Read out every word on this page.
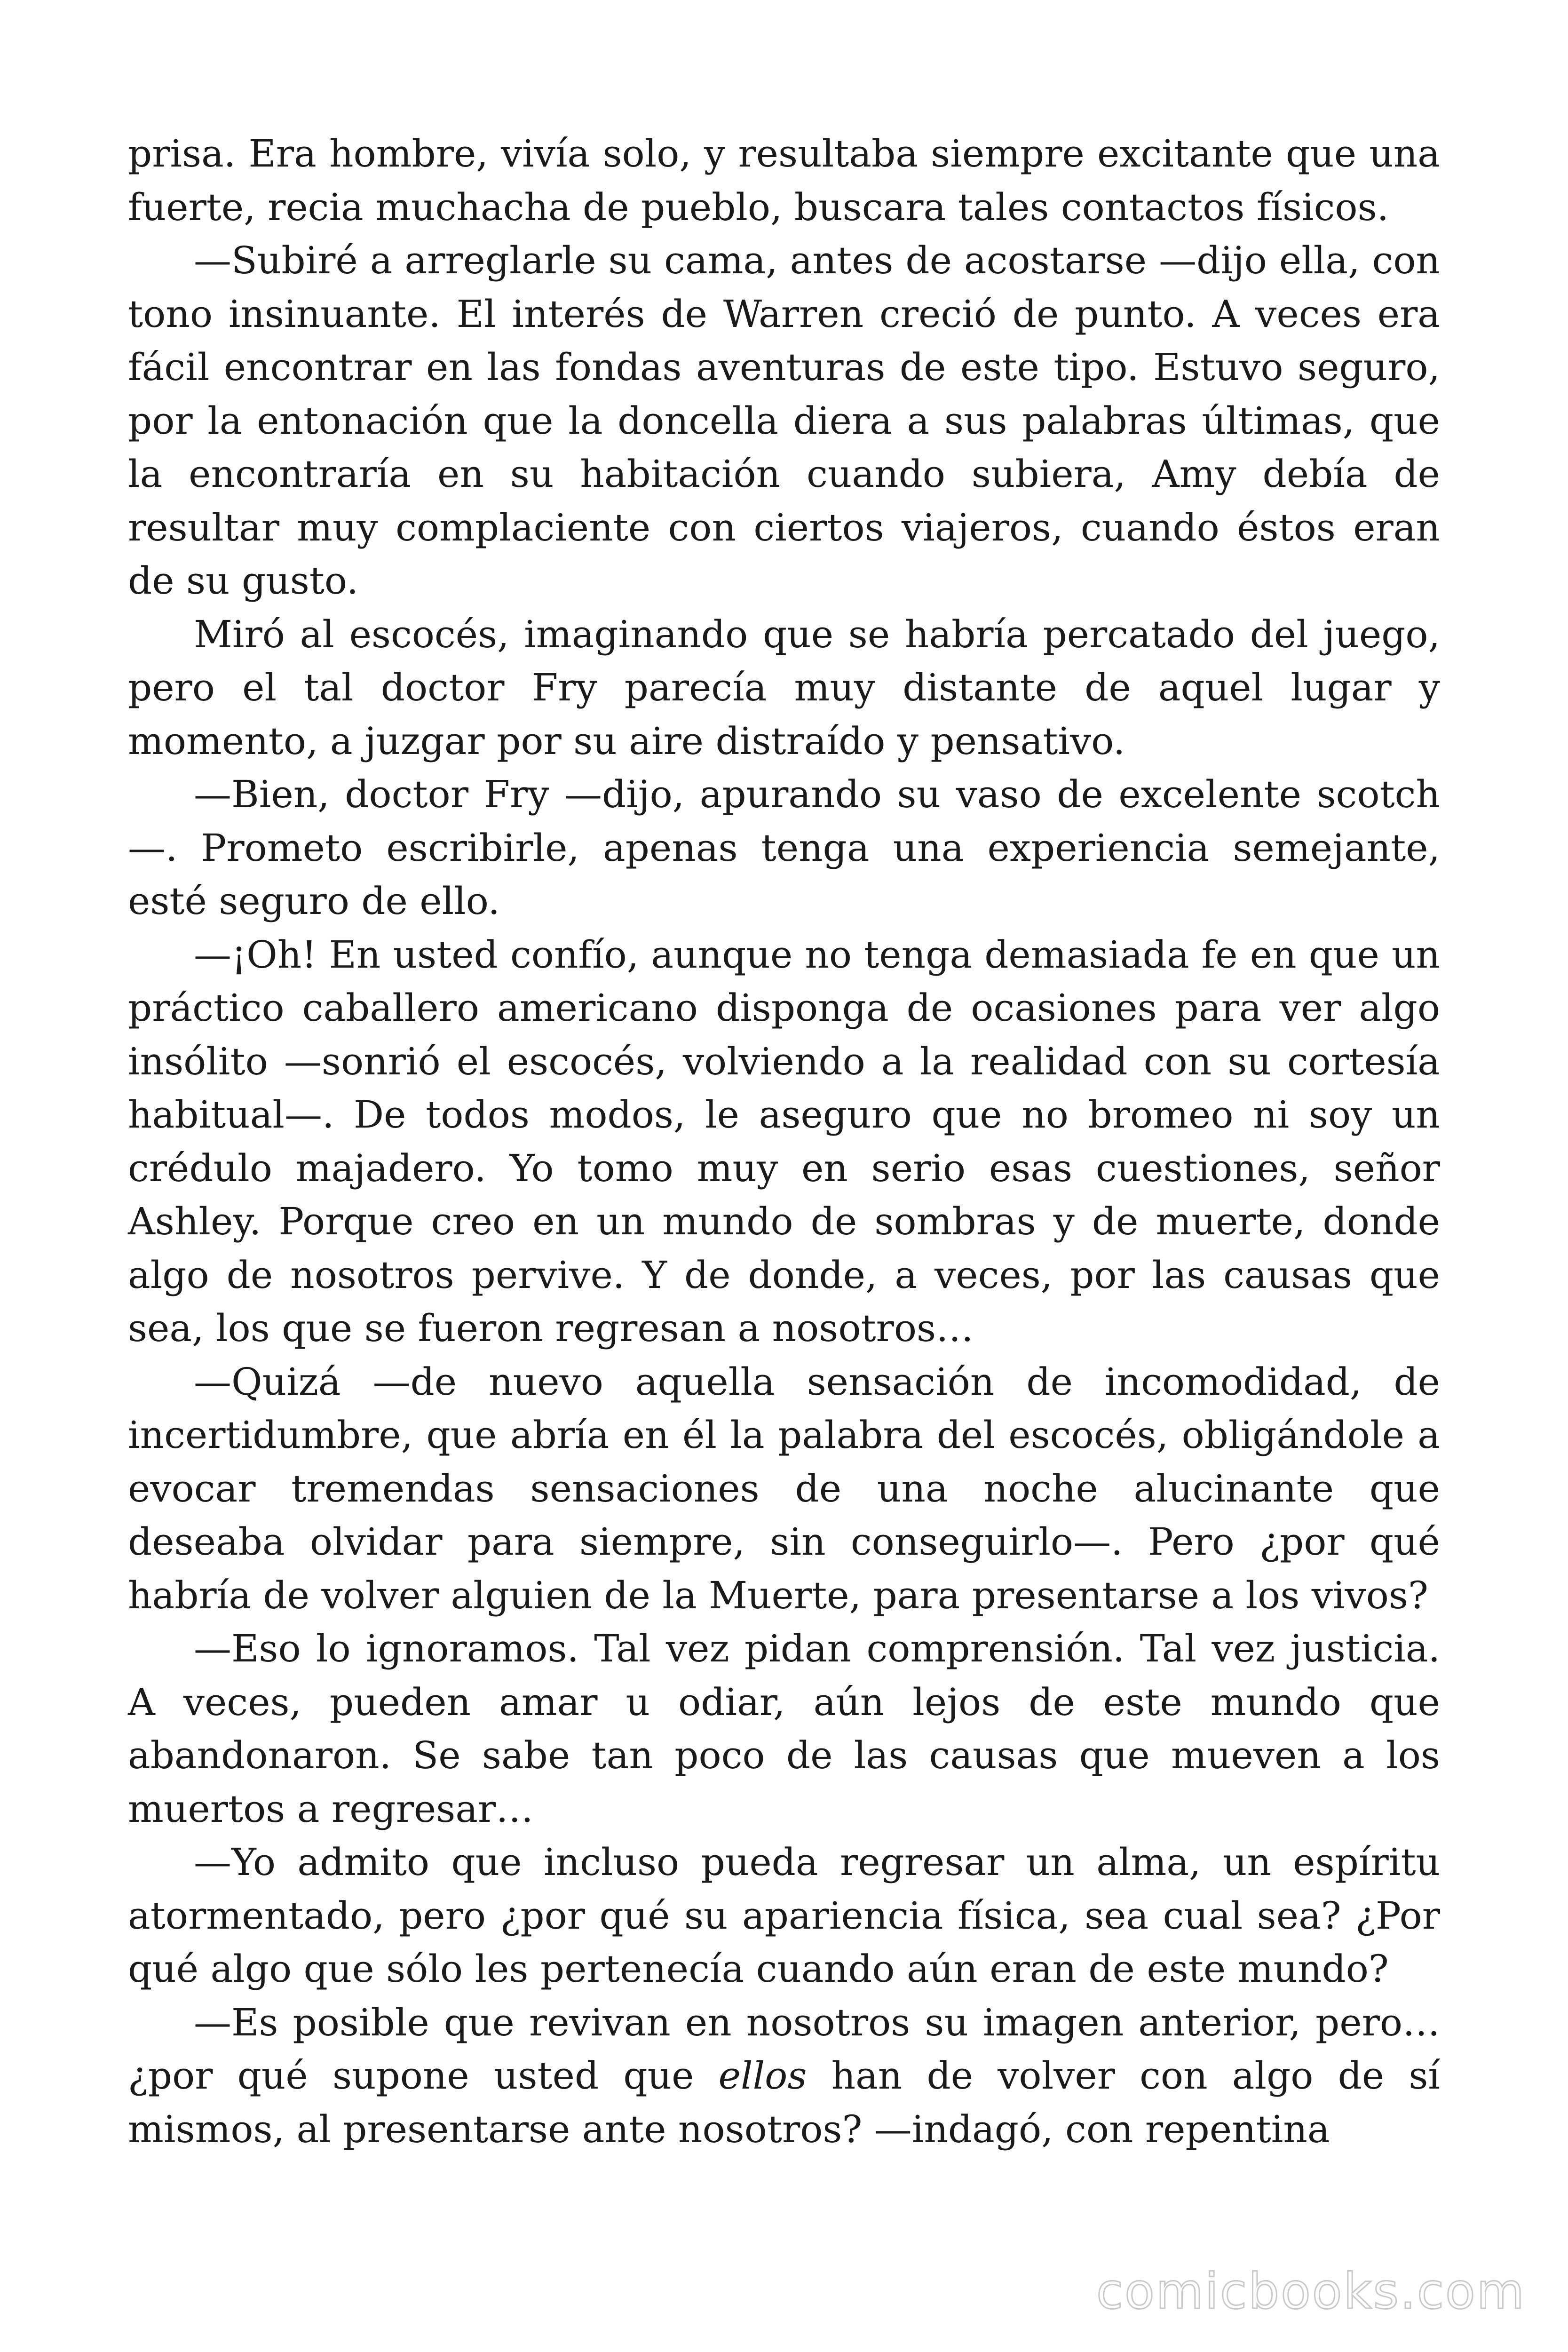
prisa. Era hombre, vivía solo, y resultaba siempre excitante que una fuerte, recia muchacha de pueblo, buscara tales contactos físicos.

—Subiré a arreglarle su cama, antes de acostarse —dijo ella, con tono insinuante. El interés de Warren creció de punto. A veces era fácil encontrar en las fondas aventuras de este tipo. Estuvo seguro, por la entonación que la doncella diera a sus palabras últimas, que la encontraría en su habitación cuando subiera, Amy debía de resultar muy complaciente con ciertos viajeros, cuando éstos eran de su gusto.

Miró al escocés, imaginando que se habría percatado del juego, pero el tal doctor Fry parecía muy distante de aquel lugar y momento, a juzgar por su aire distraído y pensativo.

—Bien, doctor Fry —dijo, apurando su vaso de excelente scotch —. Prometo escribirle, apenas tenga una experiencia semejante, esté seguro de ello.

—¡Oh! En usted confío, aunque no tenga demasiada fe en que un práctico caballero americano disponga de ocasiones para ver algo insólito —sonrió el escocés, volviendo a la realidad con su cortesía habitual—. De todos modos, le aseguro que no bromeo ni soy un crédulo majadero. Yo tomo muy en serio esas cuestiones, señor Ashley. Porque creo en un mundo de sombras y de muerte, donde algo de nosotros pervive. Y de donde, a veces, por las causas que sea, los que se fueron regresan a nosotros…

—Quizá —de nuevo aquella sensación de incomodidad, de incertidumbre, que abría en él la palabra del escocés, obligándole a evocar tremendas sensaciones de una noche alucinante que deseaba olvidar para siempre, sin conseguirlo—. Pero ¿por qué habría de volver alguien de la Muerte, para presentarse a los vivos?

—Eso lo ignoramos. Tal vez pidan comprensión. Tal vez justicia. A veces, pueden amar u odiar, aún lejos de este mundo que abandonaron. Se sabe tan poco de las causas que mueven a los muertos a regresar…

—Yo admito que incluso pueda regresar un alma, un espíritu atormentado, pero ¿por qué su apariencia física, sea cual sea? ¿Por qué algo que sólo les pertenecía cuando aún eran de este mundo?

—Es posible que revivan en nosotros su imagen anterior, pero… ¿por qué supone usted que ellos han de volver con algo de sí mismos, al presentarse ante nosotros? —indagó, con repentina

comicbooks.com
